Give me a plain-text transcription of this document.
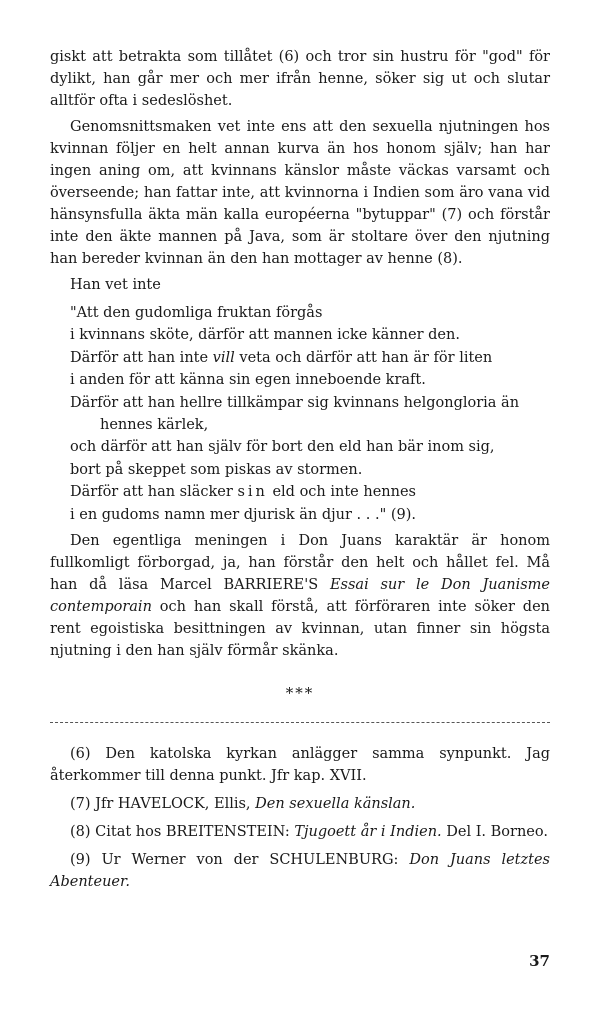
giskt att betrakta som tillåtet (6) och tror sin hustru för "god" för dylikt, han går mer och mer ifrån henne, söker sig ut och slutar alltför ofta i sedeslöshet.

Genomsnittsmaken vet inte ens att den sexuella njutningen hos kvinnan följer en helt annan kurva än hos honom själv; han har ingen aning om, att kvinnans känslor måste väckas varsamt och överseende; han fattar inte, att kvinnorna i Indien som äro vana vid hänsynsfulla äkta män kalla européerna "bytuppar" (7) och förstår inte den äkte mannen på Java, som är stoltare över den njutning han bereder kvinnan än den han mottager av henne (8).

Han vet inte

"Att den gudomliga fruktan förgås
i kvinnans sköte, därför att mannen icke känner den.
Därför att han inte vill veta och därför att han är för liten
i anden för att känna sin egen inneboende kraft.
Därför att han hellre tillkämpar sig kvinnans helgongloria än
hennes kärlek,
och därför att han själv för bort den eld han bär inom sig,
bort på skeppet som piskas av stormen.
Därför att han släcker sin eld och inte hennes
i en gudoms namn mer djurisk än djur . . ." (9).

Den egentliga meningen i Don Juans karaktär är honom fullkomligt förborgad, ja, han förstår den helt och hållet fel. Må han då läsa Marcel BARRIERE'S Essai sur le Don Juanisme contemporain och han skall förstå, att förföraren inte söker den rent egoistiska besittningen av kvinnan, utan finner sin högsta njutning i den han själv förmår skänka.

***

(6) Den katolska kyrkan anlägger samma synpunkt. Jag återkommer till denna punkt. Jfr kap. XVII.

(7) Jfr HAVELOCK, Ellis, Den sexuella känslan.

(8) Citat hos BREITENSTEIN: Tjugoett år i Indien. Del I. Borneo.

(9) Ur Werner von der SCHULENBURG: Don Juans letztes Abenteuer.

37
